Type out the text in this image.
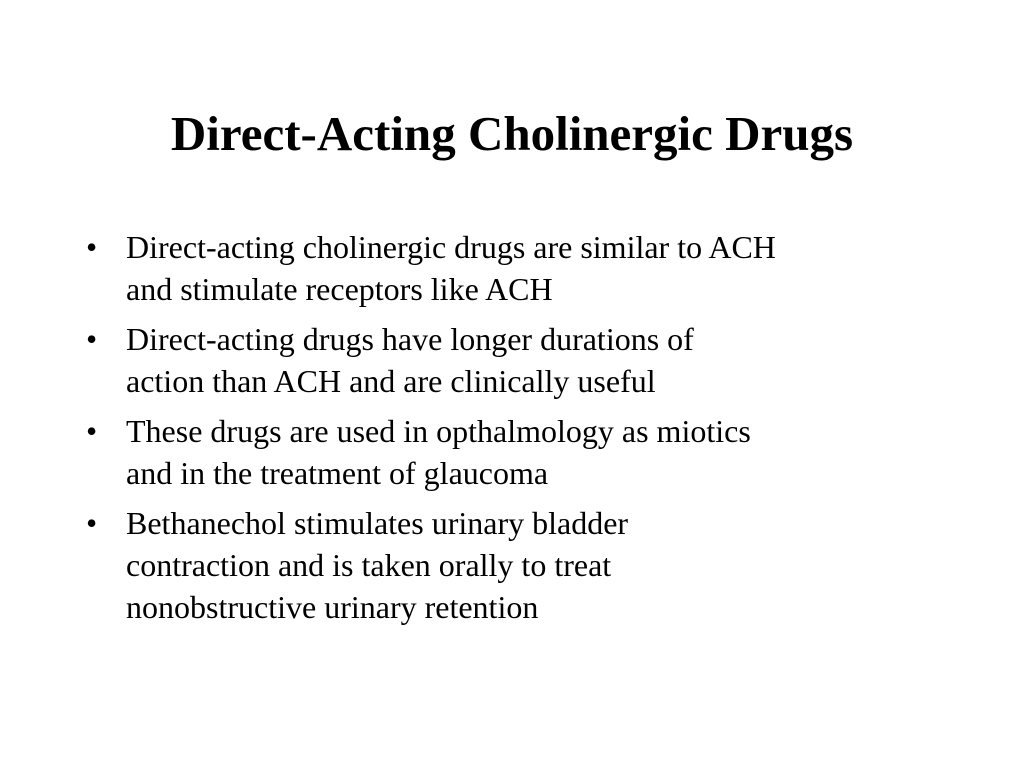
Direct-Acting Cholinergic Drugs
• Direct-acting cholinergic drugs are similar to ACH
and stimulate receptors like ACH
• Direct-acting drugs have longer durations of
action than ACH and are clinically useful
• These drugs are used in opthalmology as miotics
and in the treatment of glaucoma
• Bethanechol stimulates urinary bladder
contraction and is taken orally to treat
nonobstructive urinary retention
